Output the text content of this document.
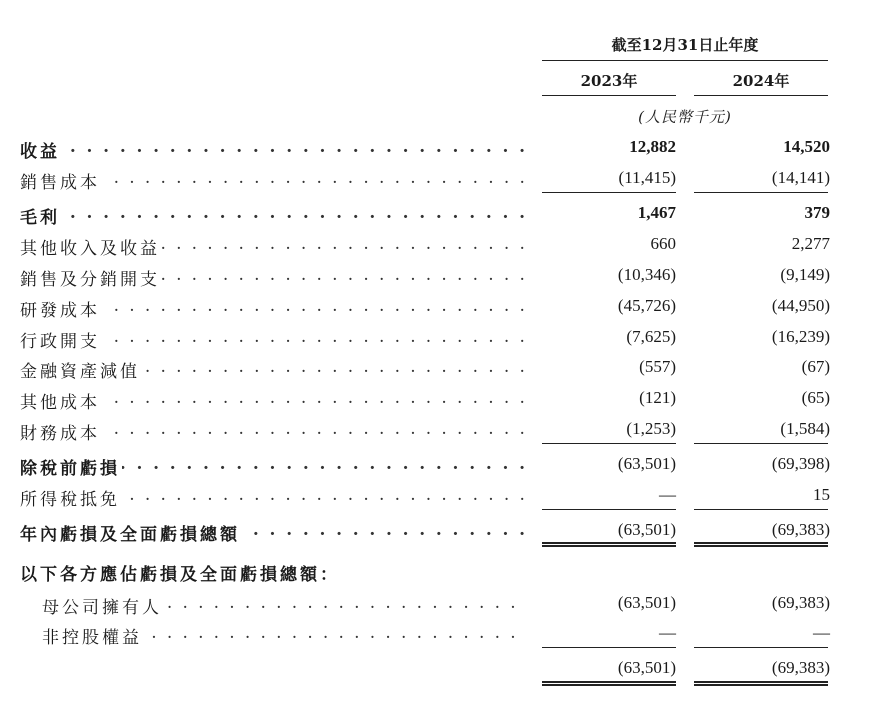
截至12月31日止年度
2023年	2024年
(人民幣千元)
收益 . . .	12,882	14,520
銷售成本 . . .	(11,415)	(14,141)
毛利 . . .	1,467	379
其他收入及收益 . . .	660	2,277
銷售及分銷開支 . . .	(10,346)	(9,149)
研發成本 . . .	(45,726)	(44,950)
行政開支 . . .	(7,625)	(16,239)
金融資產減值 . . .	(557)	(67)
其他成本 . . .	(121)	(65)
財務成本 . . .	(1,253)	(1,584)
除稅前虧損 . . .	(63,501)	(69,398)
所得稅抵免 . . .	—	15
年內虧損及全面虧損總額 . . .	(63,501)	(69,383)
以下各方應佔虧損及全面虧損總額：
母公司擁有人 . . .	(63,501)	(69,383)
非控股權益 . . .	—	—
(63,501)	(69,383)
